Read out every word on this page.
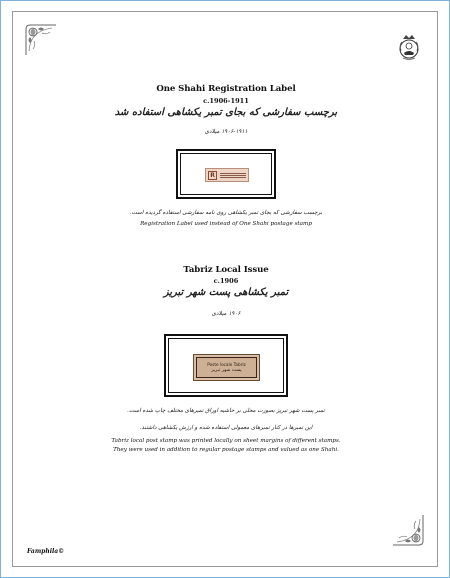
One Shahi Registration Label
c.1906-1911
برچسب سفارشی که بجای تمبر یکشاهی استفاده شد
۱۹۰۶-۱۹۱۱ میلادی
R
برچسب سفارشی که بجای تمبر یکشاهی روی نامه سفارشی استفاده گردیده است.
Registration Label used instead of One Shahi postage stamp
Tabriz Local Issue
c.1906
تمبر یکشاهی پست شهر تبریز
۱۹۰۶ میلادی
Poste locale Tabriz
پست شهر تبریز
تمبر پست شهر تبریز بصورت محلی بر حاشیه اوراق تمبرهای مختلف چاپ شده است.
این تمبرها در کنار تمبرهای معمولی استفاده شده و ارزش یکشاهی داشتند.
Tabriz local post stamp was printed locally on sheet margins of different stamps.
They were used in addition to regular postage stamps and valued as one Shahi.
Famphila©
